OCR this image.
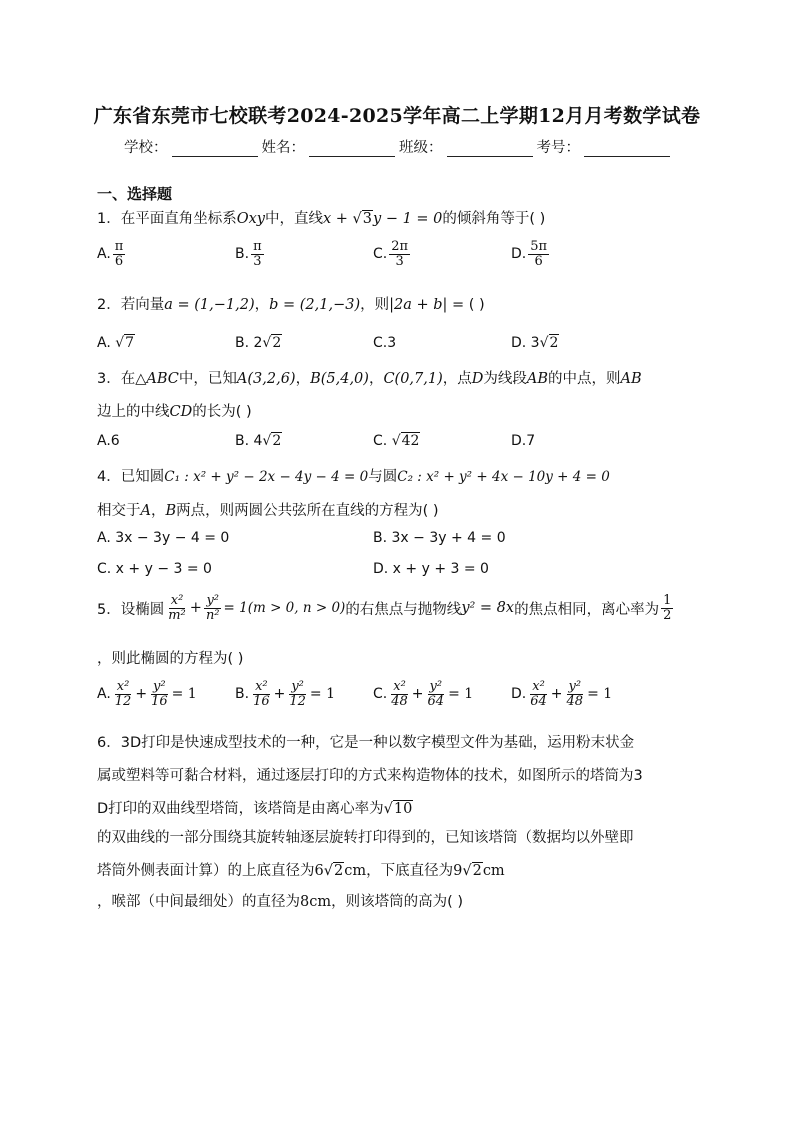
广东省东莞市七校联考2024-2025学年高二上学期12月月考数学试卷
学校：	姓名：	班级：	考号：
一、选择题
1．在平面直角坐标系Oxy中，直线x + √3y − 1 = 0的倾斜角等于( )
A. $\frac{\pi}{6}$	B. $\frac{\pi}{3}$	C. $\frac{2\pi}{3}$	D. $\frac{5\pi}{6}$
2．若向量a = (1,−1,2)，b = (2,1,−3)，则|2a + b| = ( )
A. √7	B. 2√2	C.3	D. 3√2
3．在△ABC中，已知A(3,2,6)，B(5,4,0)，C(0,7,1)，点D为线段AB的中点，则AB
边上的中线CD的长为( )
A.6	B. 4√2	C. √42	D.7
4．已知圆C₁ : x² + y² − 2x − 4y − 4 = 0与圆C₂ : x² + y² + 4x − 10y + 4 = 0
相交于A，B两点，则两圆公共弦所在直线的方程为( )
A. 3x − 3y − 4 = 0	B. 3x − 3y + 4 = 0
C. x + y − 3 = 0	D. x + y + 3 = 0
5．设椭圆 $\frac{\text{x²}}{\text{m²}} + \frac{\text{y²}}{\text{n²}} = 1(m > 0$, n > 0) 的右焦点与抛物线 y² = 8x 的焦点相同，离心率为 $\frac{1}{2}$
，则此椭圆的方程为( )
A. $\frac{\text{x²}}{12} + \frac{\text{y²}}{16} = 1$	B. $\frac{\text{x²}}{16} + \frac{\text{y²}}{12} = 1$	C. $\frac{\text{x²}}{48} + \frac{\text{y²}}{64} = 1$	D. $\frac{\text{x²}}{64} + \frac{\text{y²}}{48} = 1$
6．3D打印是快速成型技术的一种，它是一种以数字模型文件为基础，运用粉末状金
属或塑料等可黏合材料，通过逐层打印的方式来构造物体的技术，如图所示的塔筒为3
D打印的双曲线型塔筒，该塔筒是由离心率为√10
的双曲线的一部分围绕其旋转轴逐层旋转打印得到的，已知该塔筒（数据均以外壁即
塔筒外侧表面计算）的上底直径为6√2cm，下底直径为9√2cm
，喉部（中间最细处）的直径为8cm，则该塔筒的高为( )
